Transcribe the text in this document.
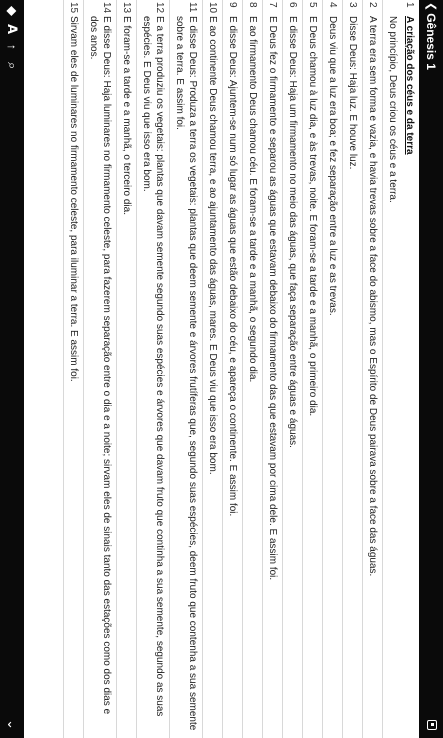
❮
Gênesis 1
1
A criação dos céus e da terra
No princípio, Deus criou os céus e a terra.
2
A terra era sem forma e vazia, e havia trevas sobre a face do abismo, mas o Espírito de Deus pairava sobre a face das águas.
3
Disse Deus: Haja luz. E houve luz.
4
Deus viu que a luz era boa; e fez separação entre a luz e as trevas.
5
E Deus chamou à luz dia, e às trevas, noite. E foram-se a tarde e a manhã, o primeiro dia.
6
E disse Deus: Haja um firmamento no meio das águas, que faça separação entre águas e águas.
7
E Deus fez o firmamento e separou as águas que estavam debaixo do firmamento das que estavam por cima dele. E assim foi.
8
E ao firmamento Deus chamou céu. E foram-se a tarde e a manhã, o segundo dia.
9
E disse Deus: Ajuntem-se num só lugar as águas que estão debaixo do céu, e apareça o continente. E assim foi.
10
E ao continente Deus chamou terra, e ao ajuntamento das águas, mares. E Deus viu que isso era bom.
11
E disse Deus: Produza a terra os vegetais: plantas que deem semente e árvores frutíferas que, segundo suas espécies, deem fruto que contenha a sua semente sobre a terra. E assim foi.
12
E a terra produziu os vegetais: plantas que davam semente segundo suas espécies e árvores que davam fruto que continha a sua semente, segundo as suas espécies. E Deus viu que isso era bom.
13
E foram-se a tarde e a manhã, o terceiro dia.
14
E disse Deus: Haja luminares no firmamento celeste, para fazerem separação entre o dia e a noite; sirvam eles de sinais tanto das estações como dos dias e dos anos.
15
Sirvam eles de luminares no firmamento celeste, para iluminar a terra. E assim foi.
◆
𝗔
↑
⌕
⌄
